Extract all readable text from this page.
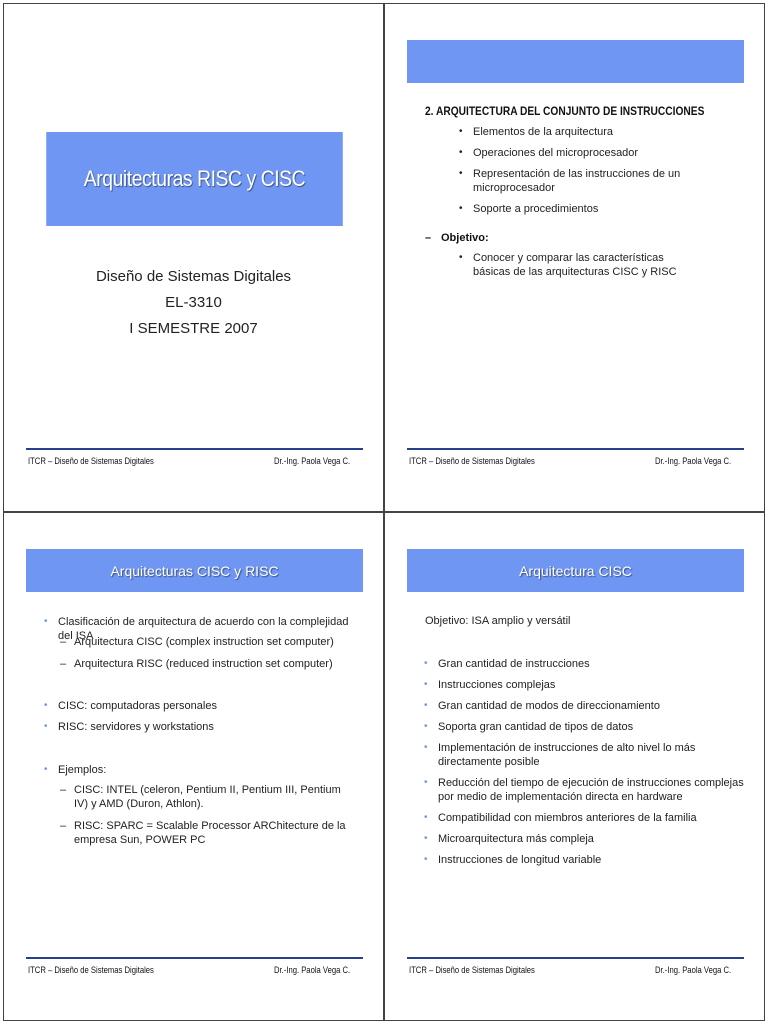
Arquitecturas RISC y CISC
Diseño de Sistemas Digitales
EL-3310
I SEMESTRE 2007
ITCR – Diseño de Sistemas Digitales	Dr.-Ing. Paola Vega C.
2. ARQUITECTURA DEL CONJUNTO DE INSTRUCCIONES
• Elementos de la arquitectura
• Operaciones del microprocesador
• Representación de las instrucciones de un microprocesador
• Soporte a procedimientos
– Objetivo:
• Conocer y comparar las características básicas de las arquitecturas CISC y RISC
ITCR – Diseño de Sistemas Digitales	Dr.-Ing. Paola Vega C.
Arquitecturas CISC y RISC
• Clasificación de arquitectura de acuerdo con la complejidad del ISA
– Arquitectura CISC (complex instruction set computer)
– Arquitectura RISC (reduced instruction set computer)
• CISC: computadoras personales
• RISC: servidores y workstations
• Ejemplos:
– CISC: INTEL (celeron, Pentium II, Pentium III, Pentium IV) y AMD (Duron, Athlon).
– RISC: SPARC = Scalable Processor ARChitecture de la empresa Sun, POWER PC
ITCR – Diseño de Sistemas Digitales	Dr.-Ing. Paola Vega C.
Arquitectura CISC
Objetivo: ISA amplio y versátil
• Gran cantidad de instrucciones
• Instrucciones complejas
• Gran cantidad de modos de direccionamiento
• Soporta gran cantidad de tipos de datos
• Implementación de instrucciones de alto nivel lo más directamente posible
• Reducción del tiempo de ejecución de instrucciones complejas por medio de implementación directa en hardware
• Compatibilidad con miembros anteriores de la familia
• Microarquitectura más compleja
• Instrucciones de longitud variable
ITCR – Diseño de Sistemas Digitales	Dr.-Ing. Paola Vega C.
